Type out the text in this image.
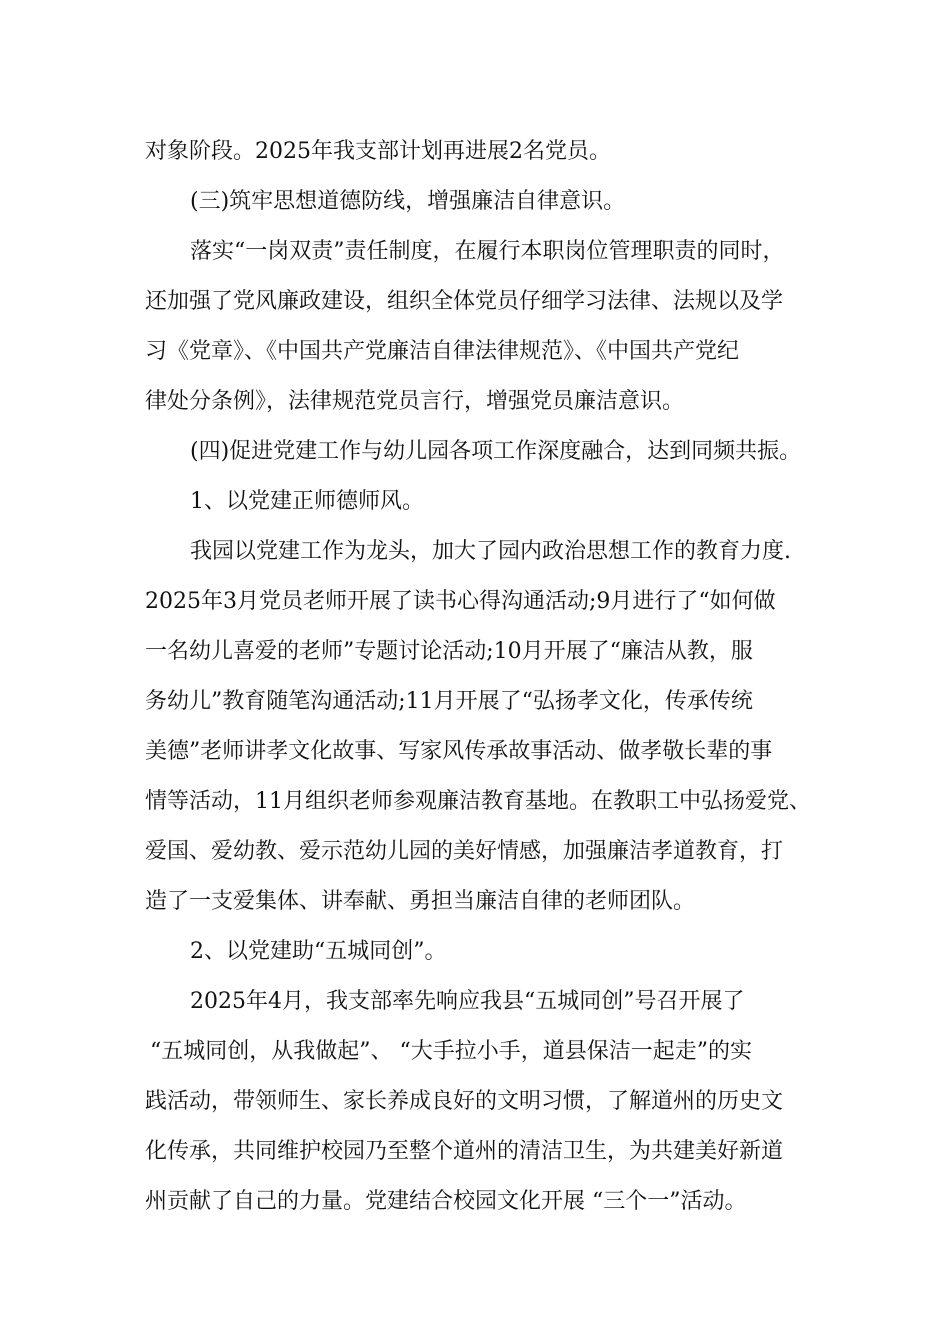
对象阶段。2025年我支部计划再进展2名党员。
(三)筑牢思想道德防线，增强廉洁自律意识。
落实“一岗双责”责任制度，在履行本职岗位管理职责的同时，
还加强了党风廉政建设，组织全体党员仔细学习法律、法规以及学
习《党章》、《中国共产党廉洁自律法律规范》、《中国共产党纪
律处分条例》，法律规范党员言行，增强党员廉洁意识。
(四)促进党建工作与幼儿园各项工作深度融合，达到同频共振。
1、以党建正师德师风。
我园以党建工作为龙头，加大了园内政治思想工作的教育力度.
2025年3月党员老师开展了读书心得沟通活动;9月进行了“如何做
一名幼儿喜爱的老师”专题讨论活动;10月开展了“廉洁从教，服
务幼儿”教育随笔沟通活动;11月开展了“弘扬孝文化，传承传统
美德”老师讲孝文化故事、写家风传承故事活动、做孝敬长辈的事
情等活动，11月组织老师参观廉洁教育基地。在教职工中弘扬爱党、
爱国、爱幼教、爱示范幼儿园的美好情感，加强廉洁孝道教育，打
造了一支爱集体、讲奉献、勇担当廉洁自律的老师团队。
2、以党建助“五城同创”。
2025年4月，我支部率先响应我县“五城同创”号召开展了
“五城同创，从我做起”、 “大手拉小手，道县保洁一起走”的实
践活动，带领师生、家长养成良好的文明习惯，了解道州的历史文
化传承，共同维护校园乃至整个道州的清洁卫生，为共建美好新道
州贡献了自己的力量。党建结合校园文化开展 “三个一”活动。
